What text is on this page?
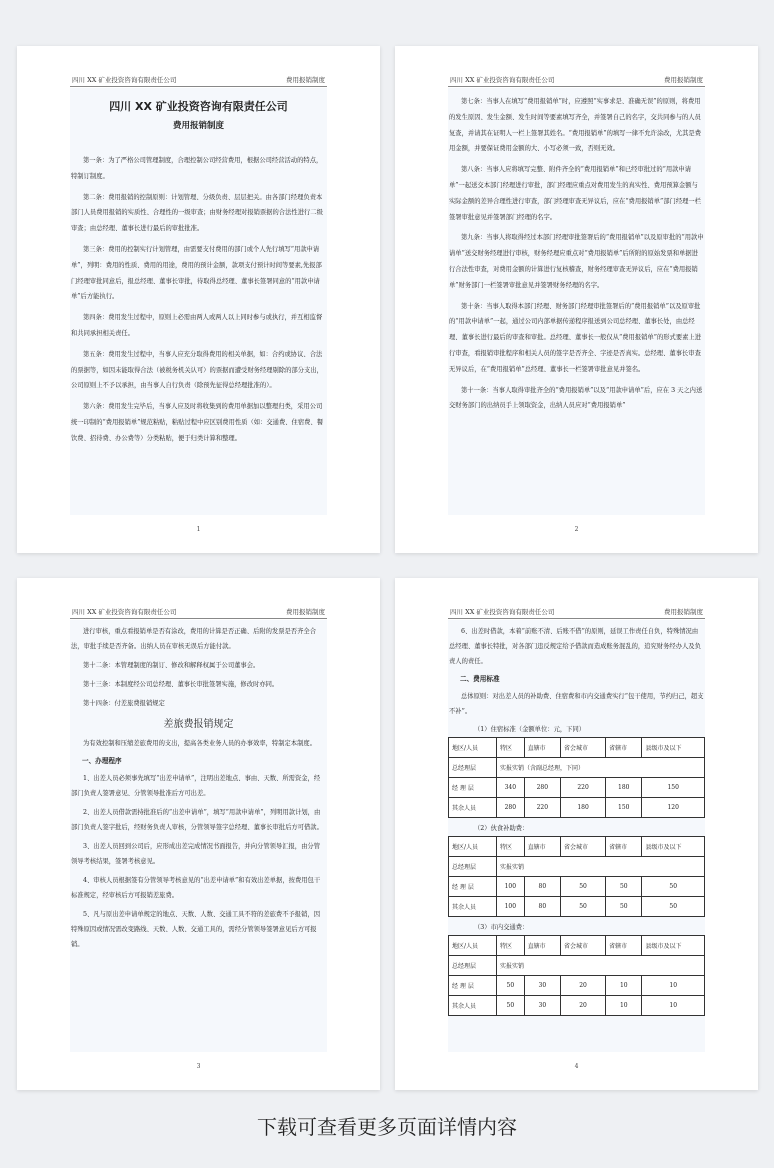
四川 XX 矿业投资咨询有限责任公司	费用报销制度
四川 XX 矿业投资咨询有限责任公司
费用报销制度

第一条：为了严格公司管理制度，合理控制公司经营费用，根据公司经营活动的特点，特制订制度。

第二条：费用报销的控制原则：计划管理、分级负责、层层把关。由各部门经理负责本部门人员费用报销的实质性、合理性的一级审查；由财务经理对报销票据的合法性进行二级审查；由总经理、董事长进行最后的审批批准。

第三条：费用的控制实行计划管理，由需要支付费用的部门或个人先行填写“用款申请单”，列明：费用的性质、费用的用途，费用的预计金额，款项支付预计时间等要素,先报部门经理审批同意后，报总经理、董事长审批，待取得总经理、董事长签署同意的“用款申请单”后方能执行。

第四条：费用发生过程中，原则上必需由两人或两人以上同时参与或执行，并互相监督和共同承担相关责任。

第五条：费用发生过程中，当事人应充分取得费用的相关单据，如：合约或协议、合法的票据等，如因未能取得合法（被税务机关认可）的票据而遭受财务经理剔除的部分支出，公司原则上不予以承担，由当事人自行负责（除预先征得总经理批准的）。

第六条：费用发生完毕后，当事人应及时将收集到的费用单据加以整理归类，采用公司统一印制的“费用报销单”规范粘贴，粘贴过程中应区别费用性质（如：交通费、住宿费、餐饮费、招待费、办公费等）分类粘贴，便于归类计算和整理。

1
四川 XX 矿业投资咨询有限责任公司	费用报销制度

第七条：当事人在填写“费用报销单”时，应遵照“实事求是、准确无误”的原则，将费用的发生原因、发生金额、发生时间等要素填写齐全，并签署自己的名字，交共同参与的人员复查，并请其在证明人一栏上签署其姓名。“费用报销单”的填写一律不允许涂改，尤其是费用金额，并要保证费用金额的大、小写必须一致，否则无效。

第八条：当事人应将填写完整、附件齐全的“费用报销单”和已经审批过的“用款申请单”一起送交本部门经理进行审批，部门经理应重点对费用发生的真实性、费用预算金额与实际金额的差异合理性进行审查，部门经理审查无异议后，应在“费用报销单”部门经理一栏签署审批意见并签署部门经理的名字。

第九条：当事人将取得经过本部门经理审批签署后的“费用报销单”以及原审批的“用款申请单”送交财务经理进行审核，财务经理应重点对“费用报销单”后所附的原始发票和单据进行合法性审查，对费用金额的计算进行复核稽查，财务经理审查无异议后，应在“费用报销单”财务部门一栏签署审批意见并签署财务经理的名字。

第十条：当事人取得本部门经理、财务部门经理审批签署后的“费用报销单”以及原审批的“用款申请单”一起，通过公司内部单据传递程序报送到公司总经理、董事长处，由总经理、董事长进行最后的审查和审批。总经理、董事长一般仅从“费用报销单”的形式要素上进行审查，看报销审批程序和相关人员的签字是否齐全、字迹是否真实。总经理、董事长审查无异议后，在“费用报销单”总经理、董事长一栏签署审批意见并签名。

第十一条：当事人取得审批齐全的“费用报销单”以及“用款申请单”后，应在 3 天之内送交财务部门的出纳员手上领取资金，出纳人员应对“费用报销单”

2
四川 XX 矿业投资咨询有限责任公司	费用报销制度

进行审核，重点看报销单是否有涂改，费用的计算是否正确、后附的发票是否齐全合法，审批手续是否齐备。出纳人员在审核无误后方能付款。

第十二条：本管理制度的制订、修改和解释权属于公司董事会。

第十三条：本制度经公司总经理、董事长审批签署实施，修改时亦同。

第十四条：付差旅费报销规定

差旅费报销规定

为有效控制和压缩差旅费用的支出，提高各类业务人员的办事效率，特制定本制度。

一、办理程序

1、出差人员必须事先填写“出差申请单”，注明出差地点、事由、天数、所需资金，经部门负责人签署意见、分管领导批准后方可出差。

2、出差人员借款需持批准后的“出差申请单”，填写“用款申请单”，列明用款计划，由部门负责人签字批后，经财务负责人审核，分管领导签字总经理、董事长审批后方可借款。

3、出差人员回到公司后，应形成出差完成情况书面报告，并向分管领导汇报，由分管领导考核结果，签署考核意见。

4、审核人员根据签有分管领导考核意见的“出差申请单”和有效出差单据，按费用包干标准规定，经审核后方可报销差旅费。

5、凡与原出差申请单规定的地点、天数、人数、交通工具不符的差旅费不予报销，因特殊原因或情况需改变路线、天数、人数、交通工具的，需经分管领导签署意见后方可报销。

3
四川 XX 矿业投资咨询有限责任公司	费用报销制度

6、出差时借款，本着“前账不清、后账不借”的原则，延误工作责任自负，特殊情况由总经理、董事长特批，对各部门违反规定给予借款而造成账务混乱的，追究财务经办人及负责人的责任。

二、费用标准

总体原则：对出差人员的补助费、住宿费和市内交通费实行“包干使用，节约归己，超支不补”。

（1）住宿标准（金额单位：元，下同）
地区/人员	特区	直辖市	省会城市	省辖市	县级市及以下
总经理层	实报实销（含副总经理，下同）				
经 理 层	340	280	220	180	150
其余人员	280	220	180	150	120
（2）伙食补助费：
地区/人员	特区	直辖市	省会城市	省辖市	县级市及以下
总经理层	实报实销				
经 理 层	100	80	50	50	50
其余人员	100	80	50	50	50
（3）市内交通费：
地区/人员	特区	直辖市	省会城市	省辖市	县级市及以下
总经理层	实报实销				
经 理 层	50	30	20	10	10
其余人员	50	30	20	10	10
4
下载可查看更多页面详情内容
